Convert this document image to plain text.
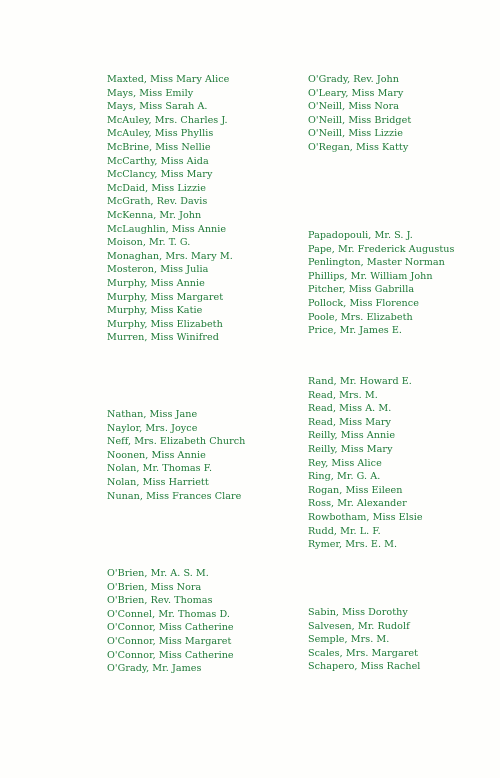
Maxted, Miss Mary Alice
Mays, Miss Emily
Mays, Miss Sarah A.
McAuley, Mrs. Charles J.
McAuley, Miss Phyllis
McBrine, Miss Nellie
McCarthy, Miss Aida
McClancy, Miss Mary
McDaid, Miss Lizzie
McGrath, Rev. Davis
McKenna, Mr. John
McLaughlin, Miss Annie
Moison, Mr. T. G.
Monaghan, Mrs. Mary M.
Mosteron, Miss Julia
Murphy, Miss Annie
Murphy, Miss Margaret
Murphy, Miss Katie
Murphy, Miss Elizabeth
Murren, Miss Winifred
Nathan, Miss Jane
Naylor, Mrs. Joyce
Neff, Mrs. Elizabeth Church
Noonen, Miss Annie
Nolan, Mr. Thomas F.
Nolan, Miss Harriett
Nunan, Miss Frances Clare
O'Brien, Mr. A. S. M.
O'Brien, Miss Nora
O'Brien, Rev. Thomas
O'Connel, Mr. Thomas D.
O'Connor, Miss Catherine
O'Connor, Miss Margaret
O'Connor, Miss Catherine
O'Grady, Mr. James
O'Grady, Rev. John
O'Leary, Miss Mary
O'Neill, Miss Nora
O'Neill, Miss Bridget
O'Neill, Miss Lizzie
O'Regan, Miss Katty
Papadopouli, Mr. S. J.
Pape, Mr. Frederick Augustus
Penlington, Master Norman
Phillips, Mr. William John
Pitcher, Miss Gabrilla
Pollock, Miss Florence
Poole, Mrs. Elizabeth
Price, Mr. James E.
Rand, Mr. Howard E.
Read, Mrs. M.
Read, Miss A. M.
Read, Miss Mary
Reilly, Miss Annie
Reilly, Miss Mary
Rey, Miss Alice
Ring, Mr. G. A.
Rogan, Miss Eileen
Ross, Mr. Alexander
Rowbotham, Miss Elsie
Rudd, Mr. L. F.
Rymer, Mrs. E. M.
Sabin, Miss Dorothy
Salvesen, Mr. Rudolf
Semple, Mrs. M.
Scales, Mrs. Margaret
Schapero, Miss Rachel
